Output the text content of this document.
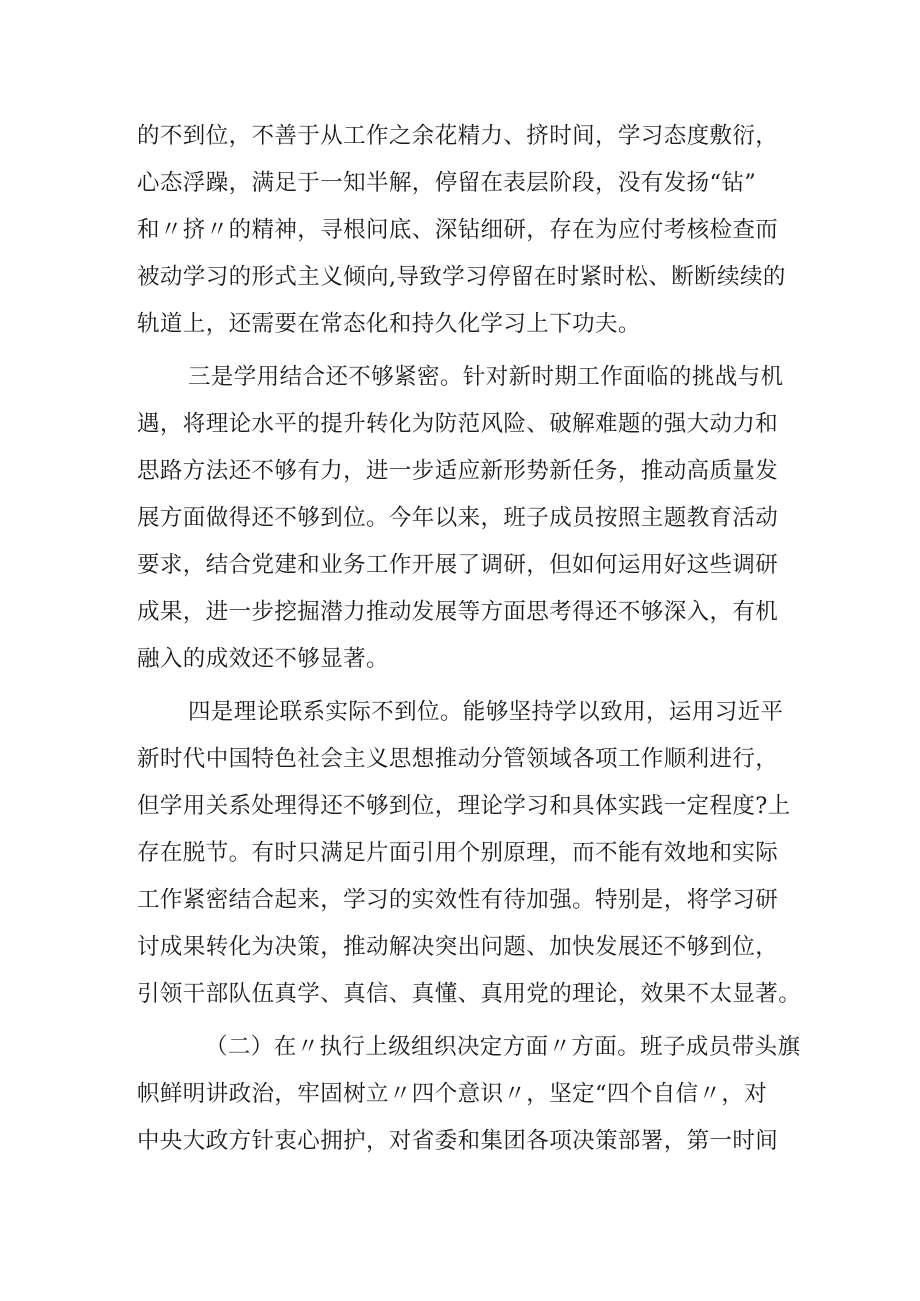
的不到位，不善于从工作之余花精力、挤时间，学习态度敷衍，
心态浮躁，满足于一知半解，停留在表层阶段，没有发扬“钻”
和〃挤〃的精神，寻根问底、深钻细研，存在为应付考核检查而
被动学习的形式主义倾向,导致学习停留在时紧时松、断断续续的
轨道上，还需要在常态化和持久化学习上下功夫。
三是学用结合还不够紧密。针对新时期工作面临的挑战与机
遇，将理论水平的提升转化为防范风险、破解难题的强大动力和
思路方法还不够有力，进一步适应新形势新任务，推动高质量发
展方面做得还不够到位。今年以来，班子成员按照主题教育活动
要求，结合党建和业务工作开展了调研，但如何运用好这些调研
成果，进一步挖掘潜力推动发展等方面思考得还不够深入，有机
融入的成效还不够显著。
四是理论联系实际不到位。能够坚持学以致用，运用习近平
新时代中国特色社会主义思想推动分管领域各项工作顺利进行，
但学用关系处理得还不够到位，理论学习和具体实践一定程度?上
存在脱节。有时只满足片面引用个别原理，而不能有效地和实际
工作紧密结合起来，学习的实效性有待加强。特别是，将学习研
讨成果转化为决策，推动解决突出问题、加快发展还不够到位，
引领干部队伍真学、真信、真懂、真用党的理论，效果不太显著。
（二）在〃执行上级组织决定方面〃方面。班子成员带头旗
帜鲜明讲政治，牢固树立〃四个意识〃，坚定“四个自信〃，对
中央大政方针衷心拥护，对省委和集团各项决策部署，第一时间
